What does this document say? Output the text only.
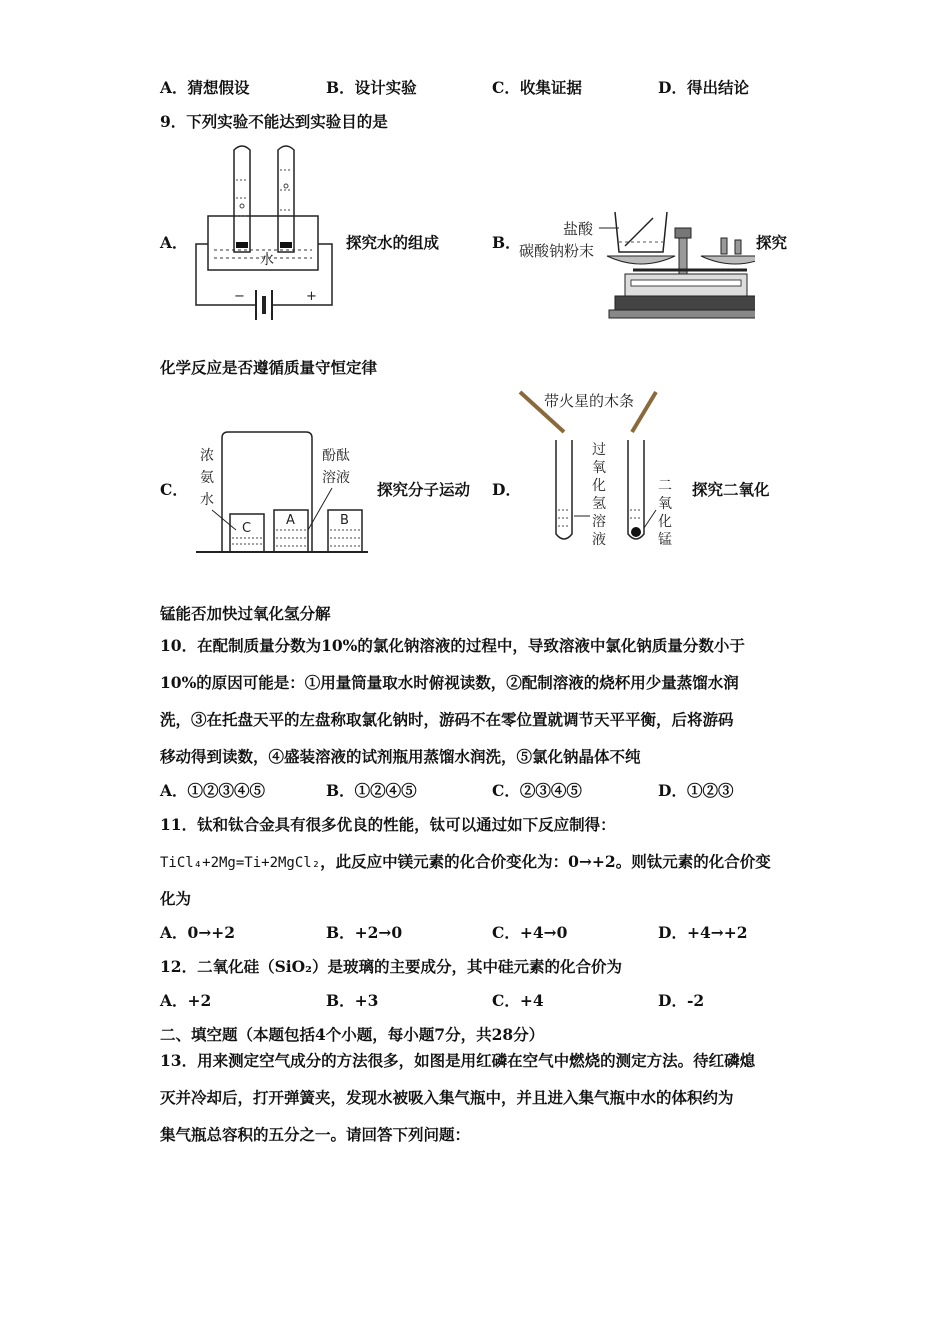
A．猜想假设	B．设计实验	C．收集证据	D．得出结论
9．下列实验不能达到实验目的是
A．
水
−	+
探究水的组成	B．
盐酸
碳酸钠粉末	探究
化学反应是否遵循质量守恒定律
C．
浓
氨
水
酚酞
溶液
C
A	B
探究分子运动 D．
带火星的木条
过
氧
化
氢
溶
液
二
氧
化
锰
探究二氧化
锰能否加快过氧化氢分解
10．在配制质量分数为10%的氯化钠溶液的过程中，导致溶液中氯化钠质量分数小于
10%的原因可能是：①用量筒量取水时俯视读数，②配制溶液的烧杯用少量蒸馏水润
洗，③在托盘天平的左盘称取氯化钠时，游码不在零位置就调节天平平衡，后将游码
移动得到读数，④盛装溶液的试剂瓶用蒸馏水润洗，⑤氯化钠晶体不纯
A．①②③④⑤	B．①②④⑤	C．②③④⑤	D．①②③
11．钛和钛合金具有很多优良的性能，钛可以通过如下反应制得：
TiCl₄+2Mg=Ti+2MgCl₂，此反应中镁元素的化合价变化为：0→+2。则钛元素的化合价变
化为
A．0→+2	B．+2→0	C．+4→0	D．+4→+2
12．二氧化硅（SiO₂）是玻璃的主要成分，其中硅元素的化合价为
A．+2	B．+3	C．+4	D．-2
二、填空题（本题包括4个小题，每小题7分，共28分）
13．用来测定空气成分的方法很多，如图是用红磷在空气中燃烧的测定方法。待红磷熄
灭并冷却后，打开弹簧夹，发现水被吸入集气瓶中，并且进入集气瓶中水的体积约为
集气瓶总容积的五分之一。请回答下列问题：
